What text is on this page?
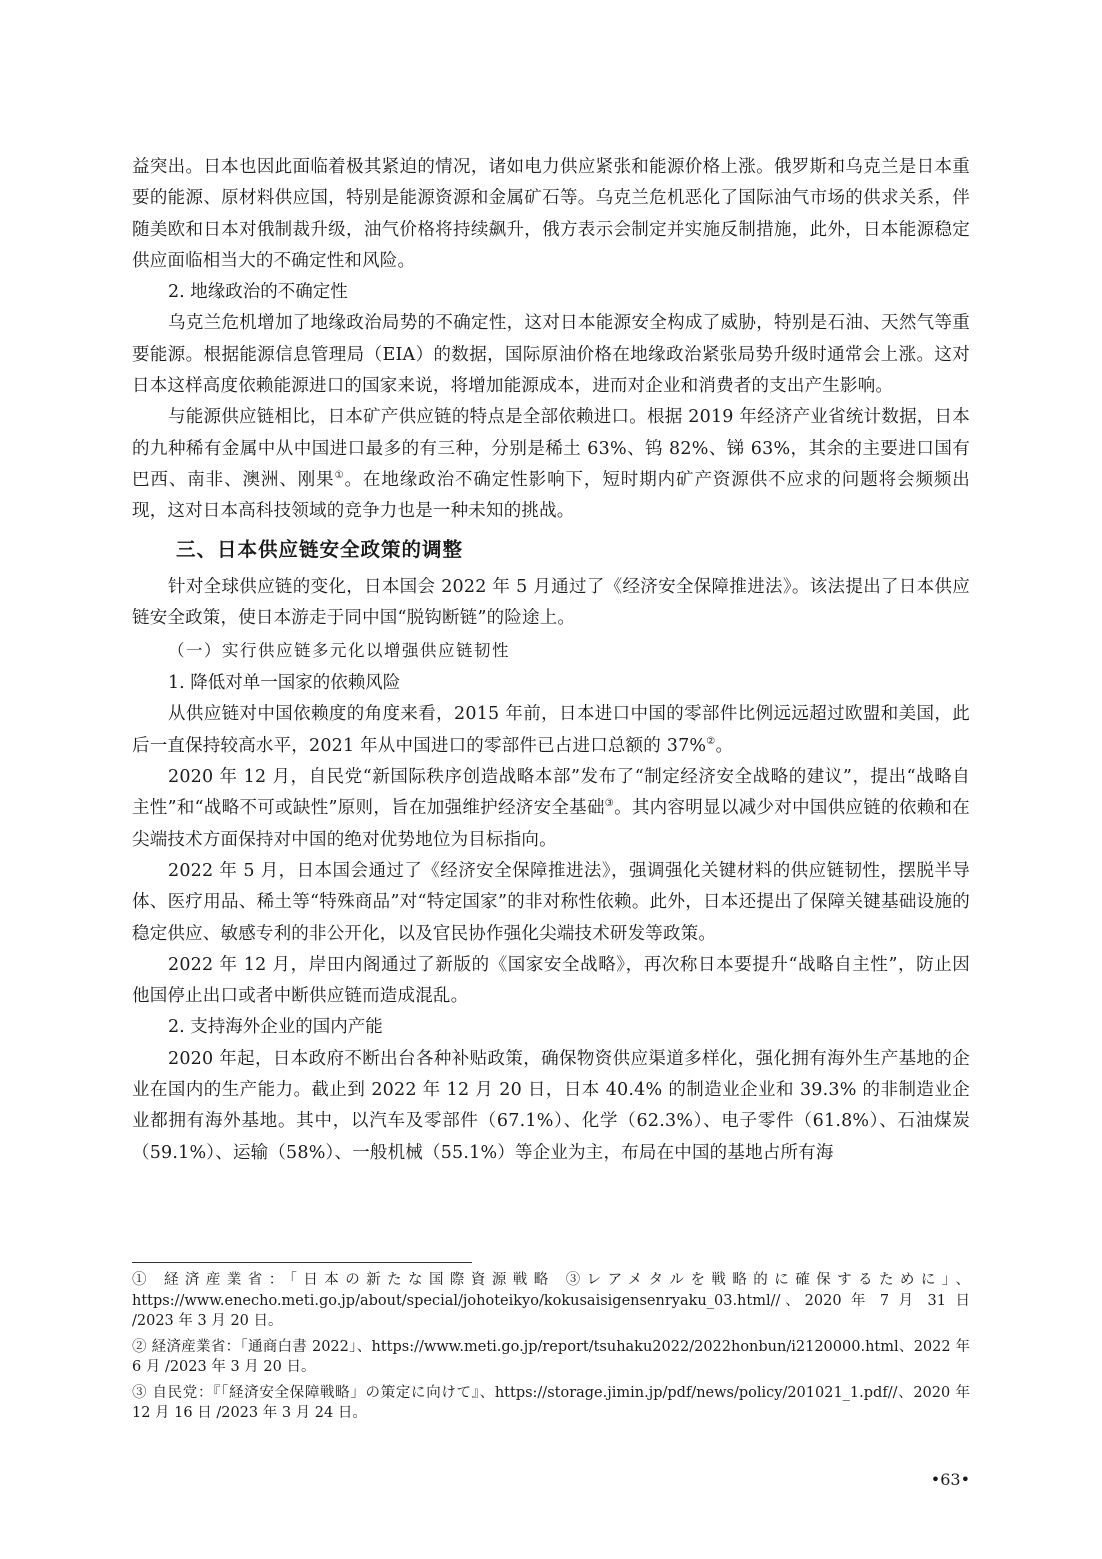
益突出。日本也因此面临着极其紧迫的情况，诸如电力供应紧张和能源价格上涨。俄罗斯和乌克兰是日本重要的能源、原材料供应国，特别是能源资源和金属矿石等。乌克兰危机恶化了国际油气市场的供求关系，伴随美欧和日本对俄制裁升级，油气价格将持续飙升，俄方表示会制定并实施反制措施，此外，日本能源稳定供应面临相当大的不确定性和风险。

2. 地缘政治的不确定性

乌克兰危机增加了地缘政治局势的不确定性，这对日本能源安全构成了威胁，特别是石油、天然气等重要能源。根据能源信息管理局（EIA）的数据，国际原油价格在地缘政治紧张局势升级时通常会上涨。这对日本这样高度依赖能源进口的国家来说，将增加能源成本，进而对企业和消费者的支出产生影响。

与能源供应链相比，日本矿产供应链的特点是全部依赖进口。根据 2019 年经济产业省统计数据，日本的九种稀有金属中从中国进口最多的有三种，分别是稀土 63%、钨 82%、锑 63%，其余的主要进口国有巴西、南非、澳洲、刚果①。在地缘政治不确定性影响下，短时期内矿产资源供不应求的问题将会频频出现，这对日本高科技领域的竞争力也是一种未知的挑战。

三、日本供应链安全政策的调整

针对全球供应链的变化，日本国会 2022 年 5 月通过了《经济安全保障推进法》。该法提出了日本供应链安全政策，使日本游走于同中国“脱钩断链”的险途上。

（一）实行供应链多元化以增强供应链韧性

1. 降低对单一国家的依赖风险

从供应链对中国依赖度的角度来看，2015 年前，日本进口中国的零部件比例远远超过欧盟和美国，此后一直保持较高水平，2021 年从中国进口的零部件已占进口总额的 37%②。

2020 年 12 月，自民党“新国际秩序创造战略本部”发布了“制定经济安全战略的建议”，提出“战略自主性”和“战略不可或缺性”原则，旨在加强维护经济安全基础③。其内容明显以减少对中国供应链的依赖和在尖端技术方面保持对中国的绝对优势地位为目标指向。

2022 年 5 月，日本国会通过了《经济安全保障推进法》，强调强化关键材料的供应链韧性，摆脱半导体、医疗用品、稀土等“特殊商品”对“特定国家”的非对称性依赖。此外，日本还提出了保障关键基础设施的稳定供应、敏感专利的非公开化，以及官民协作强化尖端技术研发等政策。

2022 年 12 月，岸田内阁通过了新版的《国家安全战略》，再次称日本要提升“战略自主性”，防止因他国停止出口或者中断供应链而造成混乱。

2. 支持海外企业的国内产能

2020 年起，日本政府不断出台各种补贴政策，确保物资供应渠道多样化，强化拥有海外生产基地的企业在国内的生产能力。截止到 2022 年 12 月 20 日，日本 40.4% 的制造业企业和 39.3% 的非制造业企业都拥有海外基地。其中，以汽车及零部件（67.1%）、化学（62.3%）、电子零件（61.8%）、石油煤炭（59.1%）、运输（58%）、一般机械（55.1%）等企业为主，布局在中国的基地占所有海

① 経済産業省：「日本の新たな国際資源戦略 ③レアメタルを戦略的に確保するために」、https://www.enecho.meti.go.jp/about/special/johoteikyo/kokusaisigensenryaku_03.html//、2020 年 7 月 31 日 /2023 年 3 月 20 日。

② 経済産業省：「通商白書 2022」、https://www.meti.go.jp/report/tsuhaku2022/2022honbun/i2120000.html、2022 年 6 月 /2023 年 3 月 20 日。

③ 自民党：『「経済安全保障戦略」の策定に向けて』、https://storage.jimin.jp/pdf/news/policy/201021_1.pdf//、2020 年 12 月 16 日 /2023 年 3 月 24 日。

•63•
